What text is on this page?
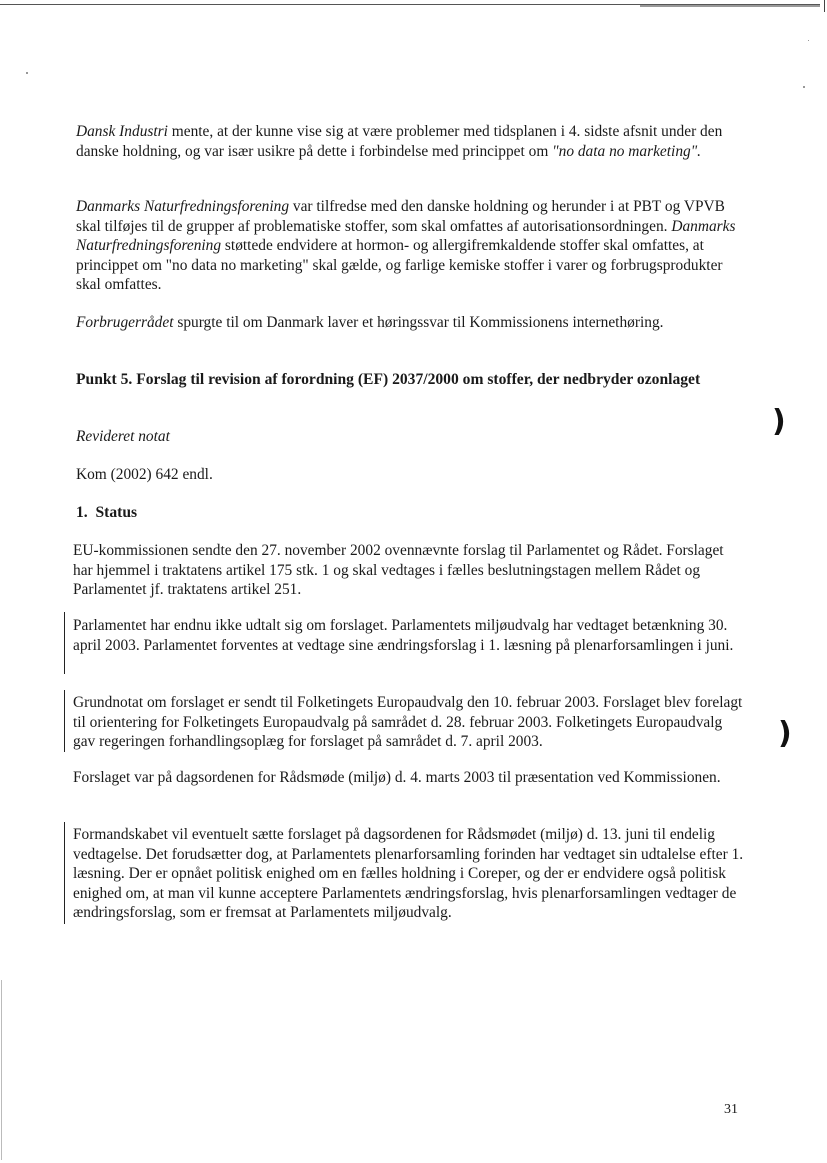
Dansk Industri mente, at der kunne vise sig at være problemer med tidsplanen i 4. sidste afsnit under den danske holdning, og var især usikre på dette i forbindelse med princippet om "no data no marketing".

Danmarks Naturfredningsforening var tilfredse med den danske holdning og herunder i at PBT og VPVB skal tilføjes til de grupper af problematiske stoffer, som skal omfattes af autorisationsordningen. Danmarks Naturfredningsforening støttede endvidere at hormon- og allergifremkaldende stoffer skal omfattes, at princippet om "no data no marketing" skal gælde, og farlige kemiske stoffer i varer og forbrugsprodukter skal omfattes.

Forbrugerrådet spurgte til om Danmark laver et høringssvar til Kommissionens internethøring.

Punkt 5. Forslag til revision af forordning (EF) 2037/2000 om stoffer, der nedbryder ozonlaget

Revideret notat

Kom (2002) 642 endl.

1.  Status

EU-kommissionen sendte den 27. november 2002 ovennævnte forslag til Parlamentet og Rådet. Forslaget har hjemmel i traktatens artikel 175 stk. 1 og skal vedtages i fælles beslutningstagen mellem Rådet og Parlamentet jf. traktatens artikel 251.

Parlamentet har endnu ikke udtalt sig om forslaget. Parlamentets miljøudvalg har vedtaget betænkning 30. april 2003. Parlamentet forventes at vedtage sine ændringsforslag i 1. læsning på plenarforsamlingen i juni.

Grundnotat om forslaget er sendt til Folketingets Europaudvalg den 10. februar 2003. Forslaget blev forelagt til orientering for Folketingets Europaudvalg på samrådet d. 28. februar 2003. Folketingets Europaudvalg gav regeringen forhandlingsoplæg for forslaget på samrådet d. 7. april 2003.

Forslaget var på dagsordenen for Rådsmøde (miljø) d. 4. marts 2003 til præsentation ved Kommissionen.

Formandskabet vil eventuelt sætte forslaget på dagsordenen for Rådsmødet (miljø) d. 13. juni til endelig vedtagelse. Det forudsætter dog, at Parlamentets plenarforsamling forinden har vedtaget sin udtalelse efter 1. læsning. Der er opnået politisk enighed om en fælles holdning i Coreper, og der er endvidere også politisk enighed om, at man vil kunne acceptere Parlamentets ændringsforslag, hvis plenarforsamlingen vedtager de ændringsforslag, som er fremsat at Parlamentets miljøudvalg.

)
)
31
